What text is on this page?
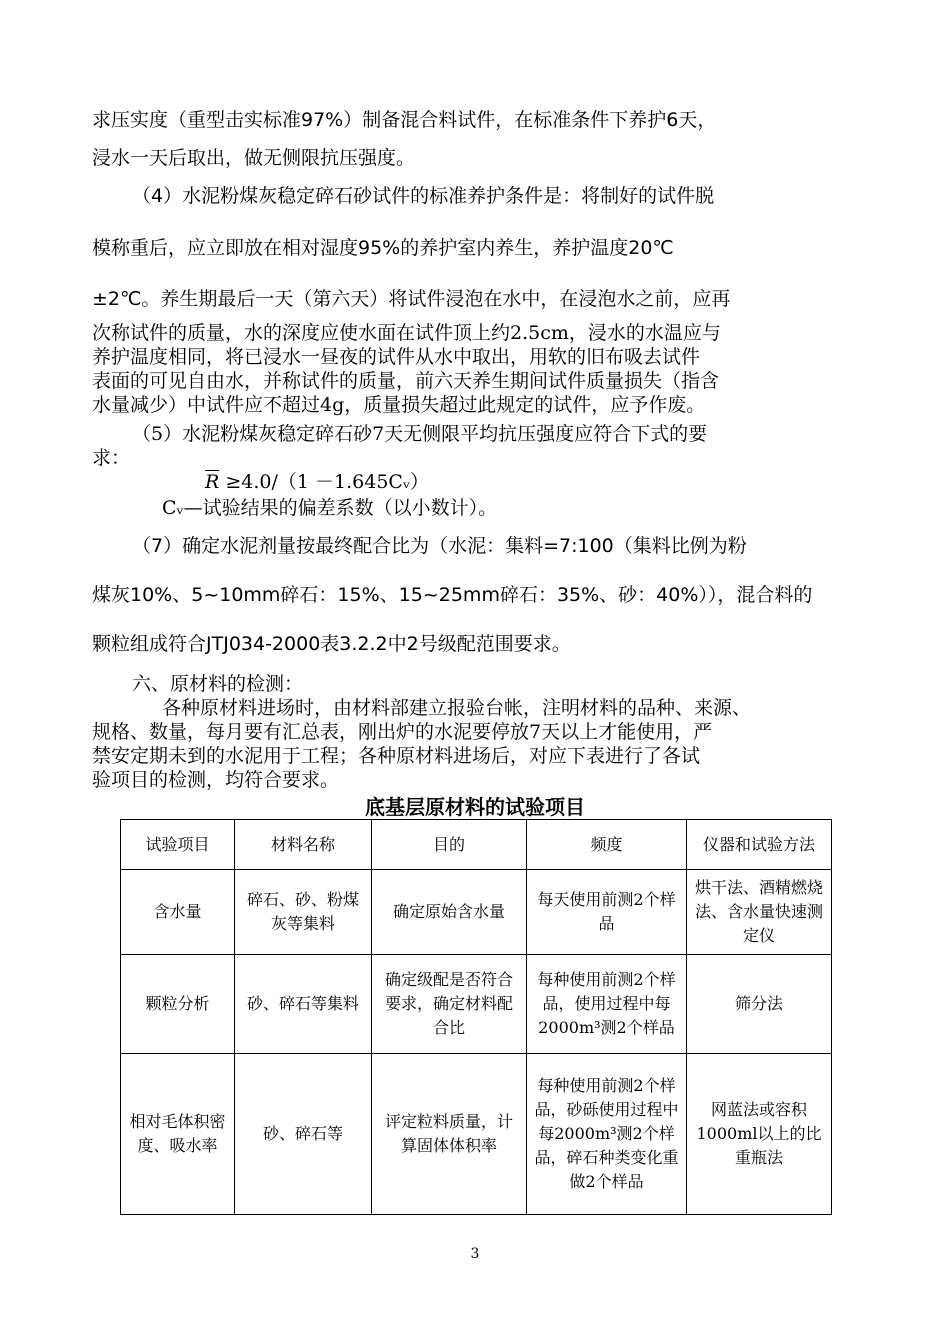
求压实度（重型击实标准97%）制备混合料试件，在标准条件下养护6天，
浸水一天后取出，做无侧限抗压强度。
（4）水泥粉煤灰稳定碎石砂试件的标准养护条件是：将制好的试件脱
模称重后，应立即放在相对湿度95%的养护室内养生，养护温度20℃
±2℃。养生期最后一天（第六天）将试件浸泡在水中，在浸泡水之前，应再
次称试件的质量，水的深度应使水面在试件顶上约2.5cm，浸水的水温应与
养护温度相同，将已浸水一昼夜的试件从水中取出，用软的旧布吸去试件
表面的可见自由水，并称试件的质量，前六天养生期间试件质量损失（指含
水量减少）中试件应不超过4g，质量损失超过此规定的试件，应予作废。
（5）水泥粉煤灰稳定碎石砂7天无侧限平均抗压强度应符合下式的要
求：
$\overline{R} \ge 4.0/(1$ －1.645Cᵥ）
Cᵥ—试验结果的偏差系数（以小数计）。
（7）确定水泥剂量按最终配合比为（水泥：集料=7:100（集料比例为粉
煤灰10%、5~10mm碎石：15%、15~25mm碎石：35%、砂：40%）），混合料的
颗粒组成符合JTJ034-2000表3.2.2中2号级配范围要求。
六、原材料的检测：
各种原材料进场时，由材料部建立报验台帐，注明材料的品种、来源、
规格、数量，每月要有汇总表，刚出炉的水泥要停放7天以上才能使用，严
禁安定期未到的水泥用于工程；各种原材料进场后，对应下表进行了各试
验项目的检测，均符合要求。
底基层原材料的试验项目
试验项目	材料名称	目的	频度	仪器和试验方法
含水量	碎石、砂、粉煤灰等集料	确定原始含水量	每天使用前测2个样品	烘干法、酒精燃烧法、含水量快速测定仪
颗粒分析	砂、碎石等集料	确定级配是否符合要求，确定材料配合比	每种使用前测2个样品，使用过程中每2000m³测2个样品	筛分法
相对毛体积密度、吸水率	砂、碎石等	评定粒料质量，计算固体体积率	每种使用前测2个样品，砂砾使用过程中每2000m³测2个样品，碎石种类变化重做2个样品	网蓝法或容积1000ml以上的比重瓶法
3
